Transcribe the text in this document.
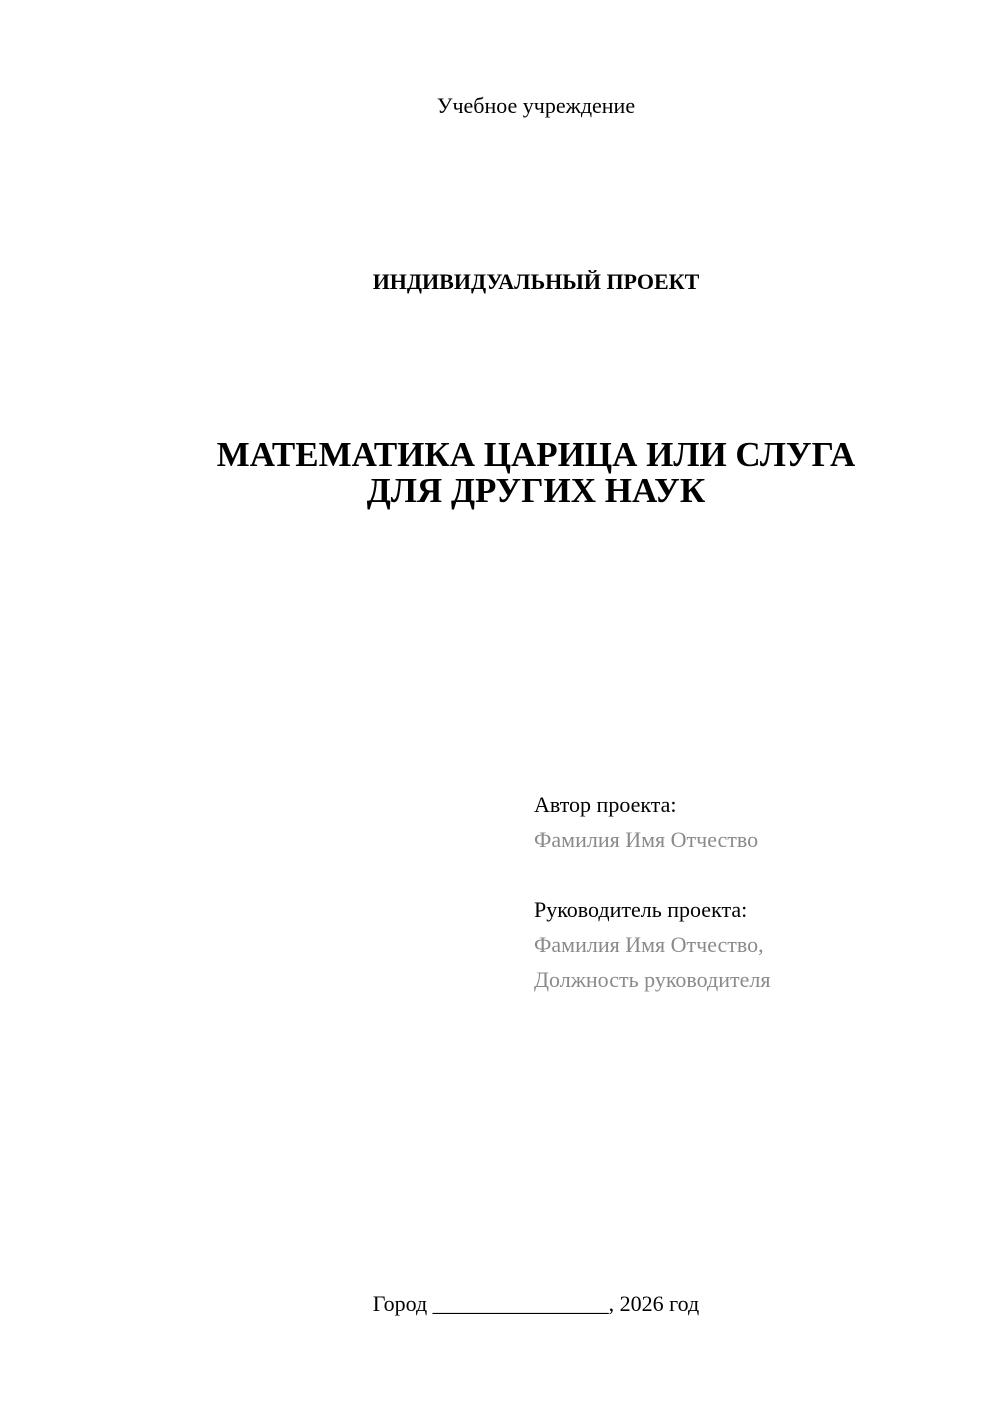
Учебное учреждение
ИНДИВИДУАЛЬНЫЙ ПРОЕКТ
МАТЕМАТИКА ЦАРИЦА ИЛИ СЛУГА
ДЛЯ ДРУГИХ НАУК
Автор проекта:
Фамилия Имя Отчество
Руководитель проекта:
Фамилия Имя Отчество,
Должность руководителя
Город ________________, 2026 год
